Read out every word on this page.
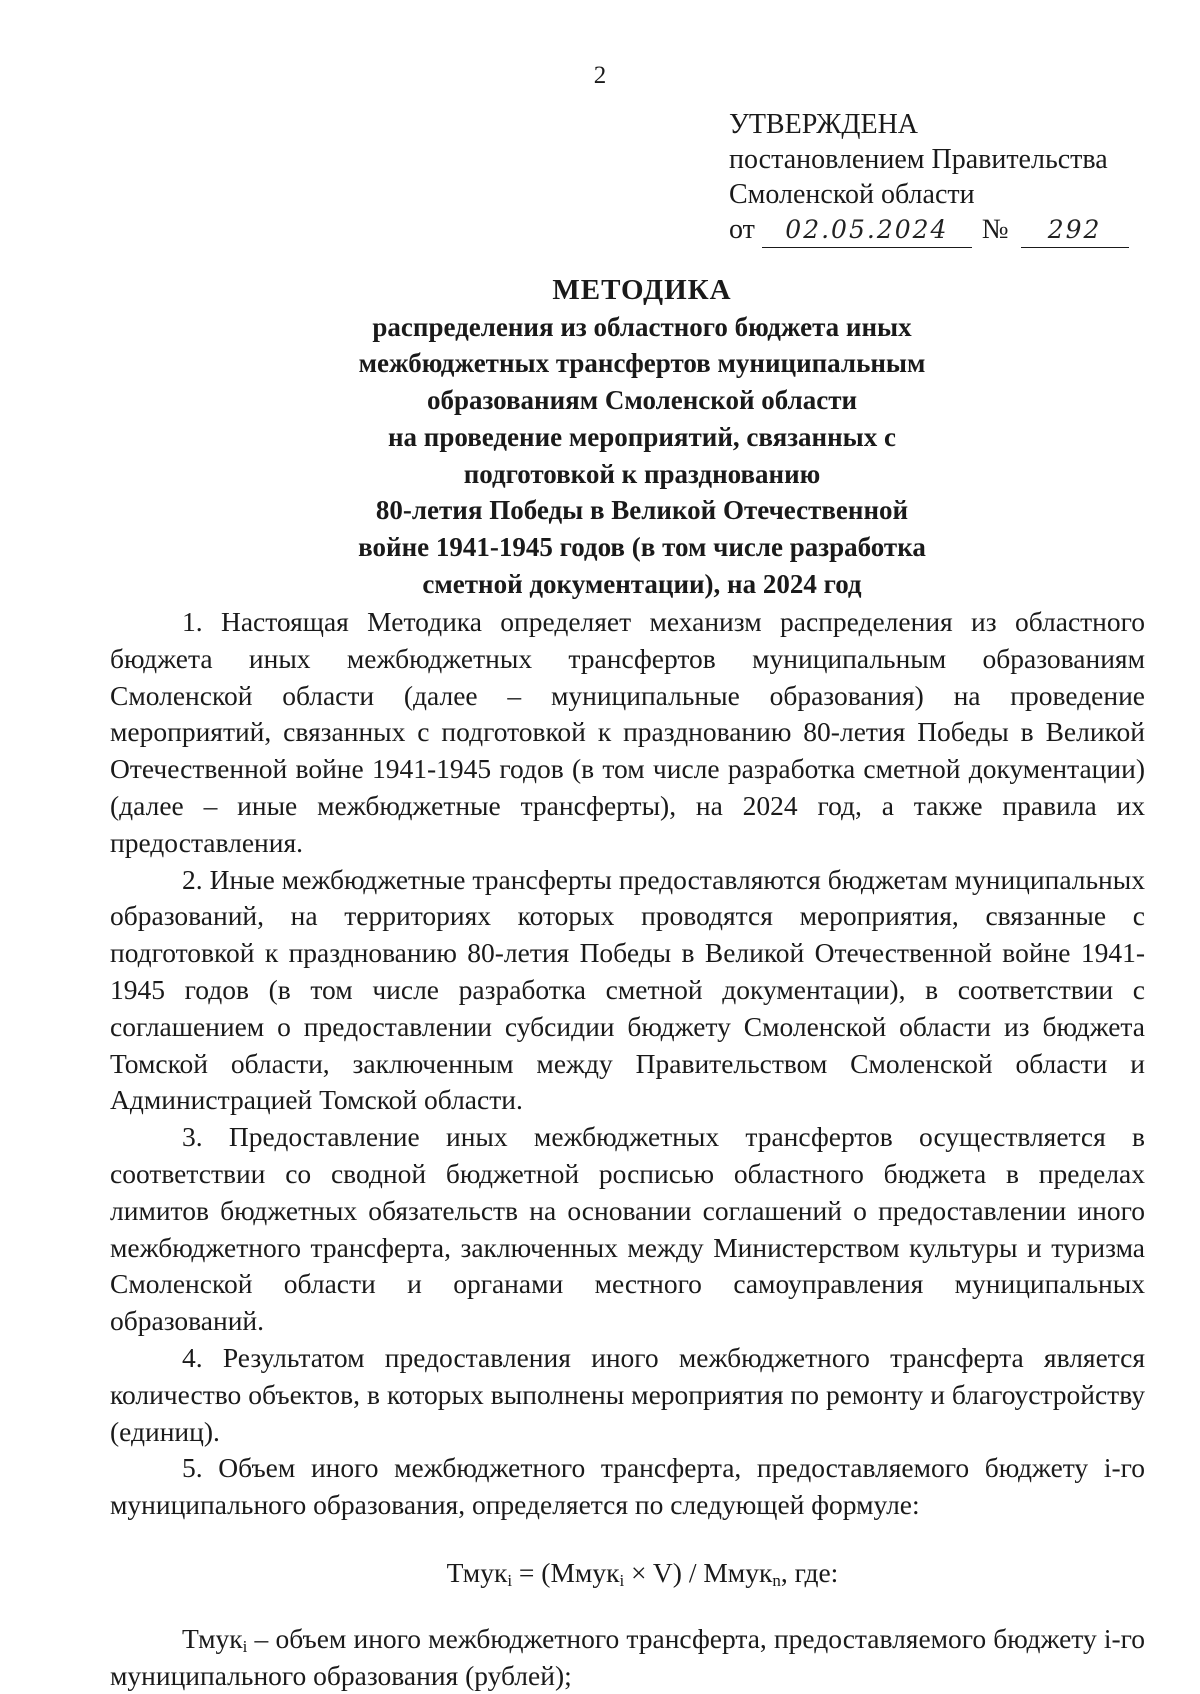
2
УТВЕРЖДЕНА
постановлением Правительства
Смоленской области
от 02.05.2024 № 292
МЕТОДИКА
распределения из областного бюджета иных
межбюджетных трансфертов муниципальным
образованиям Смоленской области
на проведение мероприятий, связанных с
подготовкой к празднованию
80-летия Победы в Великой Отечественной
войне 1941-1945 годов (в том числе разработка
сметной документации), на 2024 год

1. Настоящая Методика определяет механизм распределения из областного бюджета иных межбюджетных трансфертов муниципальным образованиям Смоленской области (далее – муниципальные образования) на проведение мероприятий, связанных с подготовкой к празднованию 80-летия Победы в Великой Отечественной войне 1941-1945 годов (в том числе разработка сметной документации) (далее – иные межбюджетные трансферты), на 2024 год, а также правила их предоставления.

2. Иные межбюджетные трансферты предоставляются бюджетам муниципальных образований, на территориях которых проводятся мероприятия, связанные с подготовкой к празднованию 80-летия Победы в Великой Отечественной войне 1941-1945 годов (в том числе разработка сметной документации), в соответствии с соглашением о предоставлении субсидии бюджету Смоленской области из бюджета Томской области, заключенным между Правительством Смоленской области и Администрацией Томской области.

3. Предоставление иных межбюджетных трансфертов осуществляется в соответствии со сводной бюджетной росписью областного бюджета в пределах лимитов бюджетных обязательств на основании соглашений о предоставлении иного межбюджетного трансферта, заключенных между Министерством культуры и туризма Смоленской области и органами местного самоуправления муниципальных образований.

4. Результатом предоставления иного межбюджетного трансферта является количество объектов, в которых выполнены мероприятия по ремонту и благоустройству (единиц).

5. Объем иного межбюджетного трансферта, предоставляемого бюджету i-го муниципального образования, определяется по следующей формуле:

Тмук$_i$ = (Ммук$_i$ × V) / Ммук$_n$, где:

Тмук$_i$ – объем иного межбюджетного трансферта, предоставляемого бюджету i-го муниципального образования (рублей);
